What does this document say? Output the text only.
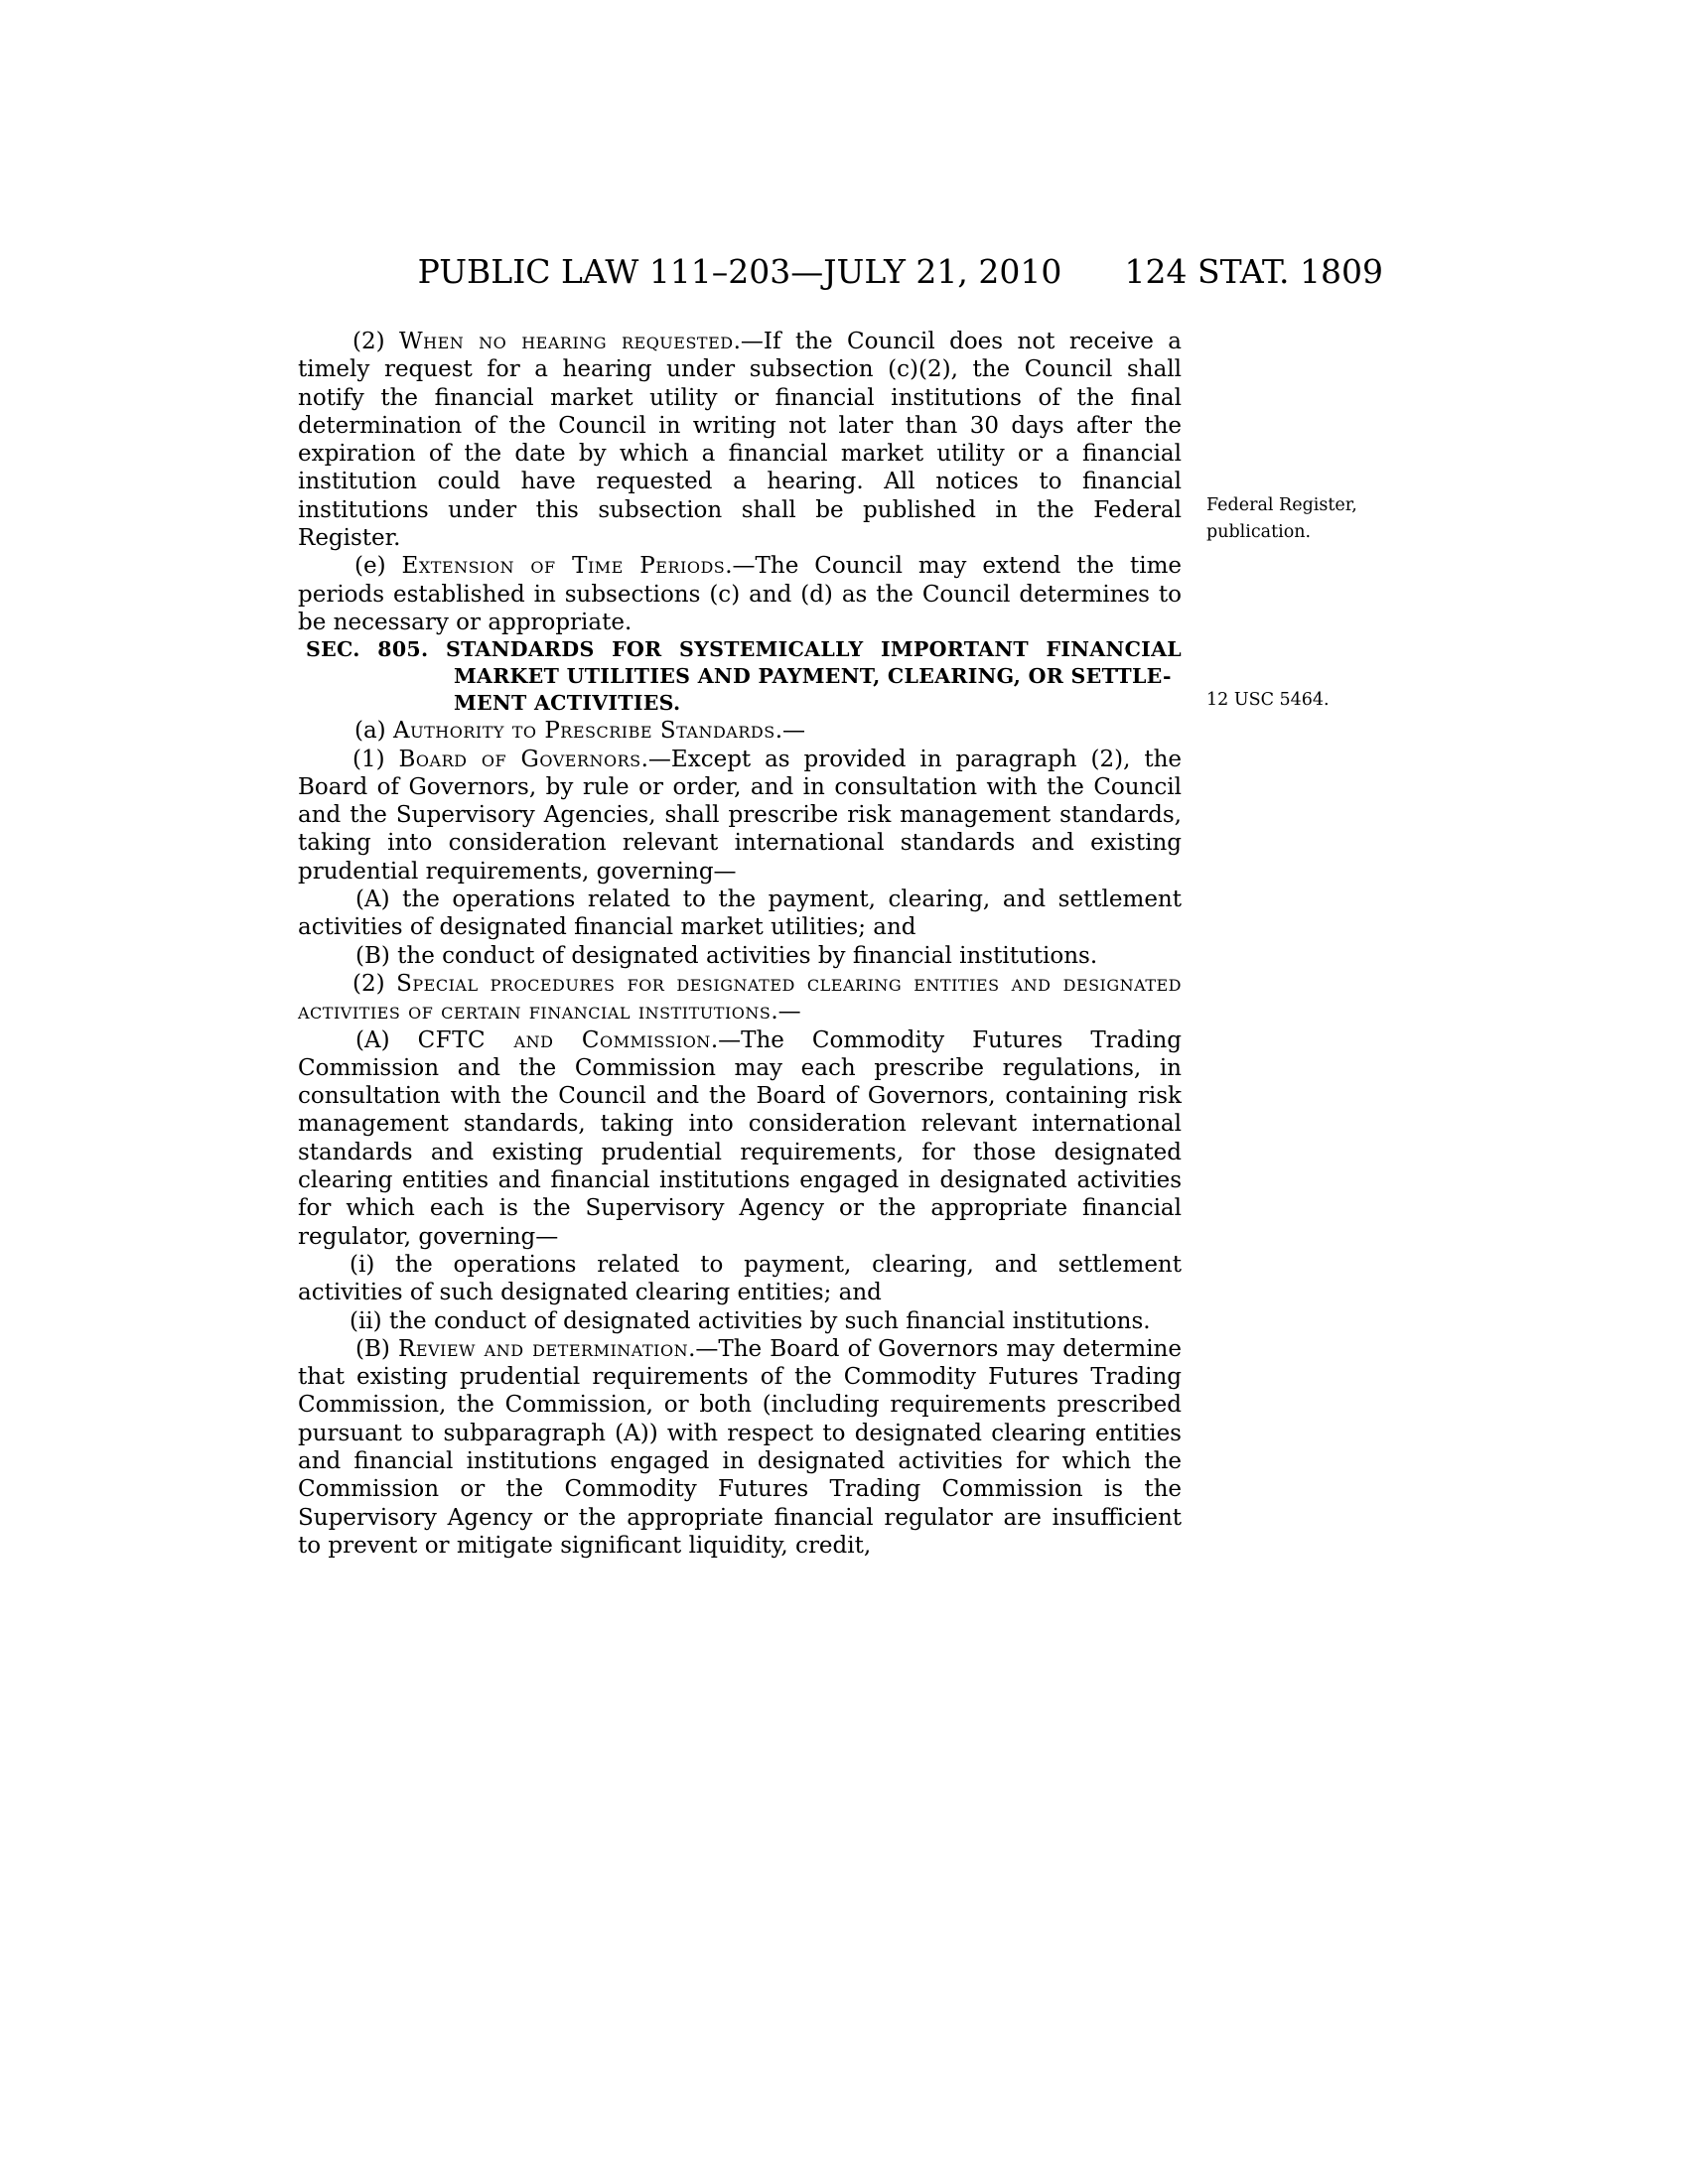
PUBLIC LAW 111–203—JULY 21, 2010	124 STAT. 1809

(2) When no hearing requested.—If the Council does not receive a timely request for a hearing under subsection (c)(2), the Council shall notify the financial market utility or financial institutions of the final determination of the Council in writing not later than 30 days after the expiration of the date by which a financial market utility or a financial institution could have requested a hearing. All notices to financial institutions under this subsection shall be published in the Federal Register.

(e) Extension of Time Periods.—The Council may extend the time periods established in subsections (c) and (d) as the Council determines to be necessary or appropriate.

SEC. 805. STANDARDS FOR SYSTEMICALLY IMPORTANT FINANCIAL
MARKET UTILITIES AND PAYMENT, CLEARING, OR SETTLE-
MENT ACTIVITIES.

(a) Authority to Prescribe Standards.—

(1) Board of Governors.—Except as provided in paragraph (2), the Board of Governors, by rule or order, and in consultation with the Council and the Supervisory Agencies, shall prescribe risk management standards, taking into consideration relevant international standards and existing prudential requirements, governing—

(A) the operations related to the payment, clearing, and settlement activities of designated financial market utilities; and

(B) the conduct of designated activities by financial institutions.

(2) Special procedures for designated clearing entities and designated activities of certain financial institutions.—

(A) CFTC and Commission.—The Commodity Futures Trading Commission and the Commission may each prescribe regulations, in consultation with the Council and the Board of Governors, containing risk management standards, taking into consideration relevant international standards and existing prudential requirements, for those designated clearing entities and financial institutions engaged in designated activities for which each is the Supervisory Agency or the appropriate financial regulator, governing—

(i) the operations related to payment, clearing, and settlement activities of such designated clearing entities; and

(ii) the conduct of designated activities by such financial institutions.

(B) Review and determination.—The Board of Governors may determine that existing prudential requirements of the Commodity Futures Trading Commission, the Commission, or both (including requirements prescribed pursuant to subparagraph (A)) with respect to designated clearing entities and financial institutions engaged in designated activities for which the Commission or the Commodity Futures Trading Commission is the Supervisory Agency or the appropriate financial regulator are insufficient to prevent or mitigate significant liquidity, credit,

Federal Register,
publication.
12 USC 5464.
